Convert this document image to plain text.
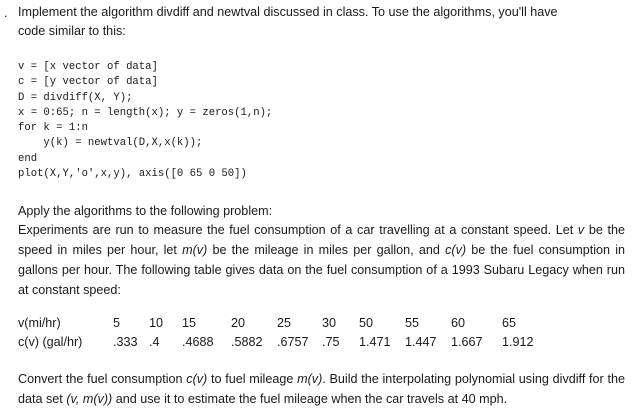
. Implement the algorithm divdiff and newtval discussed in class. To use the algorithms, you'll have
code similar to this:
v = [x vector of data]
c = [y vector of data]
D = divdiff(X, Y);
x = 0:65; n = length(x); y = zeros(1,n);
for k = 1:n
y(k) = newtval(D,X,x(k));
end
plot(X,Y,'o',x,y), axis([0 65 0 50])
Apply the algorithms to the following problem:
Experiments are run to measure the fuel consumption of a car travelling at a constant speed. Let v be the speed in miles per hour, let m(v) be the mileage in miles per gallon, and c(v) be the fuel consumption in gallons per hour. The following table gives data on the fuel consumption of a 1993 Subaru Legacy when run at constant speed:
v(mi/hr)	5	10	15	20	25	30	50	55	60	65
c(v) (gal/hr)	.333	.4	.4688	.5882	.6757	.75	1.471	1.447	1.667	1.912
Convert the fuel consumption c(v) to fuel mileage m(v). Build the interpolating polynomial using divdiff for the data set (v, m(v)) and use it to estimate the fuel mileage when the car travels at 40 mph.
